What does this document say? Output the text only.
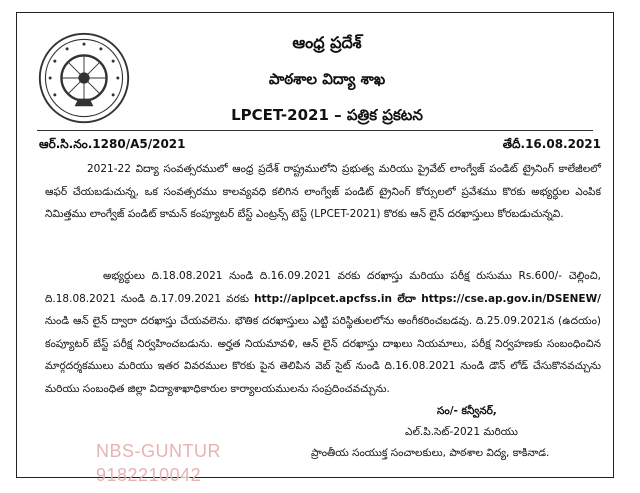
ఆంధ్ర ప్రదేశ్
పాఠశాల విద్యా శాఖ
LPCET-2021 – పత్రిక ప్రకటన
ఆర్.సి.నం.1280/A5/2021	తేదీ.16.08.2021
2021-22 విద్యా సంవత్సరములో ఆంధ్ర ప్రదేశ్ రాష్ట్రములోని ప్రభుత్వ మరియు ప్రైవేట్ లాంగ్వేజ్ పండిట్ ట్రైనింగ్ కాలేజీలలో ఆఫర్ చేయబడుచున్న, ఒక సంవత్సరము కాలవ్యవధి కలిగిన లాంగ్వేజ్ పండిట్ ట్రైనింగ్ కోర్సులలో ప్రవేశము కొరకు అభ్యర్ధుల ఎంపిక నిమిత్తము లాంగ్వేజ్ పండిట్ కామన్ కంప్యూటర్ బేస్ట్ ఎంట్రన్స్ టెస్ట్ (LPCET-2021) కొరకు ఆన్ లైన్ దరఖాస్తులు కోరబడుచున్నవి.
అభ్యర్ధులు ది.18.08.2021 నుండి ది.16.09.2021 వరకు దరఖాస్తు మరియు పరీక్ష రుసుము Rs.600/- చెల్లించి, ది.18.08.2021 నుండి ది.17.09.2021 వరకు http://aplpcet.apcfss.in లేదా https://cse.ap.gov.in/DSENEW/ నుండి ఆన్ లైన్ ద్వారా దరఖాస్తు చేయవలెను. భౌతిక దరఖాస్తులు ఎట్టి పరిస్థితులలోను అంగీకరించబడవు. ది.25.09.2021న (ఉదయం) కంప్యూటర్ బేస్ట్ పరీక్ష నిర్వహించబడును. అర్హత నియమావళి, ఆన్ లైన్ దరఖాస్తు దాఖలు నియమాలు, పరీక్ష నిర్వహణకు సంబంధించిన మార్గదర్శకములు మరియు ఇతర వివరముల కొరకు పైన తెలిపిన వెబ్ సైట్ నుండి ది.16.08.2021 నుండి డౌన్ లోడ్ చేసుకొనవచ్చును మరియు సంబంధిత జిల్లా విద్యాశాఖాధికారుల కార్యాలయములను సంప్రదించవచ్చును.
సం/- కన్వీనర్,
ఎల్.పి.సెట్-2021 మరియు
ప్రాంతీయ సంయుక్త సంచాలకులు, పాఠశాల విద్య, కాకినాడ.
NBS-GUNTUR
9182210042
